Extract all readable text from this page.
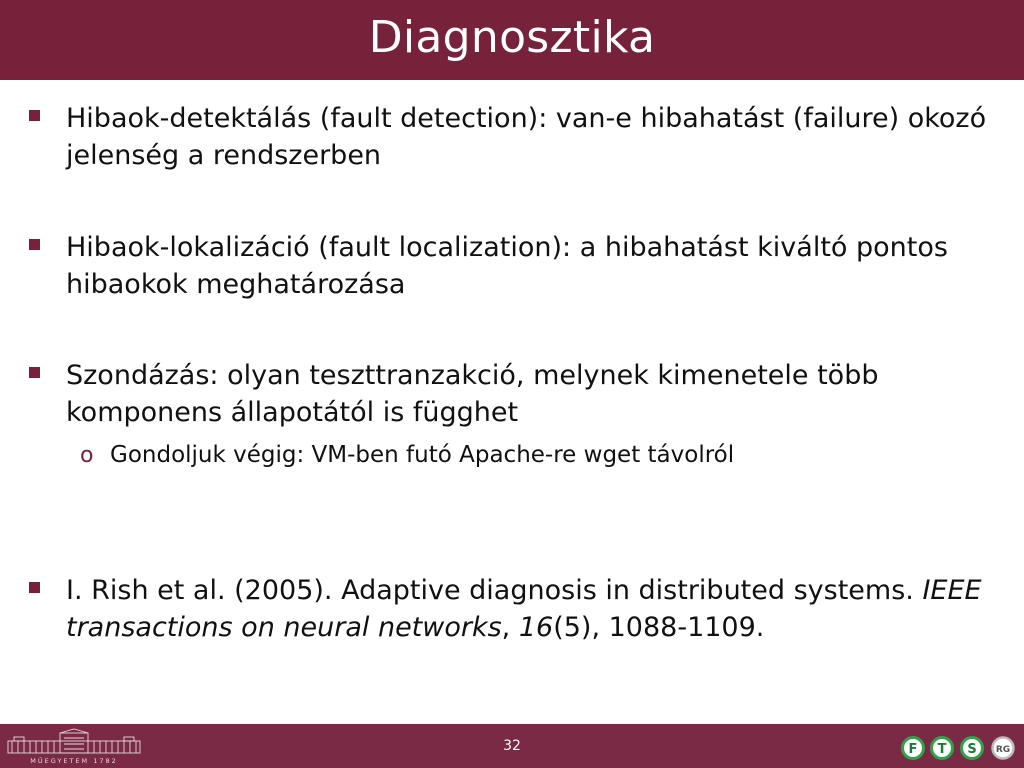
Diagnosztika
Hibaok-detektálás (fault detection): van-e hibahatást (failure) okozó jelenség a rendszerben
Hibaok-lokalizáció (fault localization): a hibahatást kiváltó pontos hibaokok meghatározása
Szondázás: olyan teszttranzakció, melynek kimenetele több komponens állapotától is függhet
o Gondoljuk végig: VM-ben futó Apache-re wget távolról
I. Rish et al. (2005). Adaptive diagnosis in distributed systems. IEEE transactions on neural networks, 16(5), 1088-1109.
MŰEGYETEM 1782
32	F T S RG
